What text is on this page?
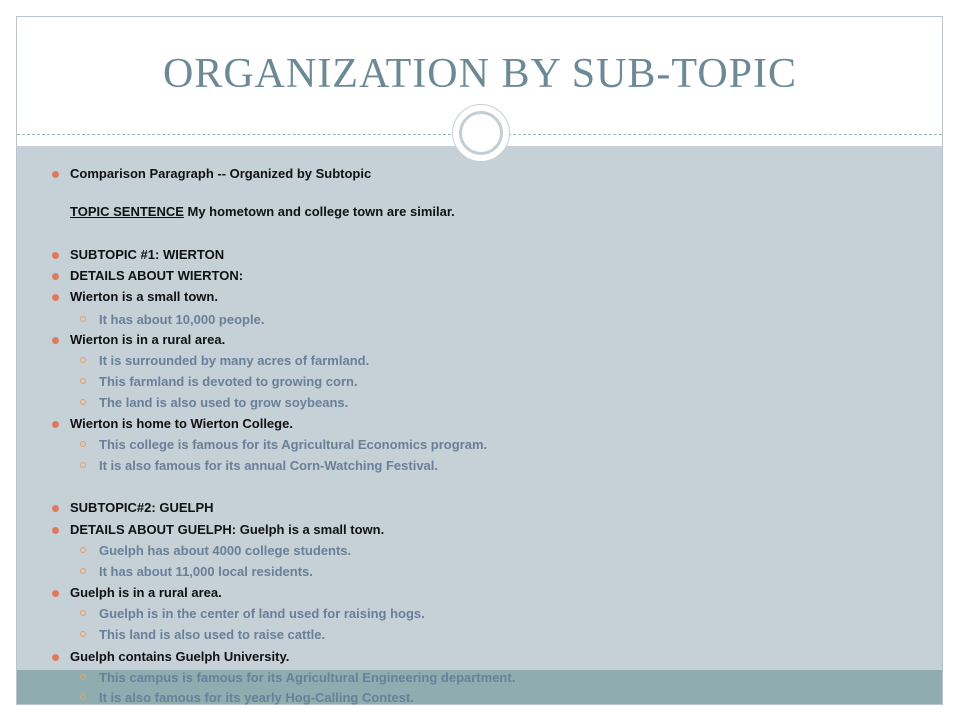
ORGANIZATION BY SUB-TOPIC
Comparison Paragraph -- Organized by Subtopic
TOPIC SENTENCE My hometown and college town are similar.
SUBTOPIC #1: WIERTON
DETAILS ABOUT WIERTON:
Wierton is a small town.
It has about 10,000 people.
Wierton is in a rural area.
It is surrounded by many acres of farmland.
This farmland is devoted to growing corn.
The land is also used to grow soybeans.
Wierton is home to Wierton College.
This college is famous for its Agricultural Economics program.
It is also famous for its annual Corn-Watching Festival.
SUBTOPIC#2: GUELPH
DETAILS ABOUT GUELPH: Guelph is a small town.
Guelph has about 4000 college students.
It has about 11,000 local residents.
Guelph is in a rural area.
Guelph is in the center of land used for raising hogs.
This land is also used to raise cattle.
Guelph contains Guelph University.
This campus is famous for its Agricultural Engineering department.
It is also famous for its yearly Hog-Calling Contest.
